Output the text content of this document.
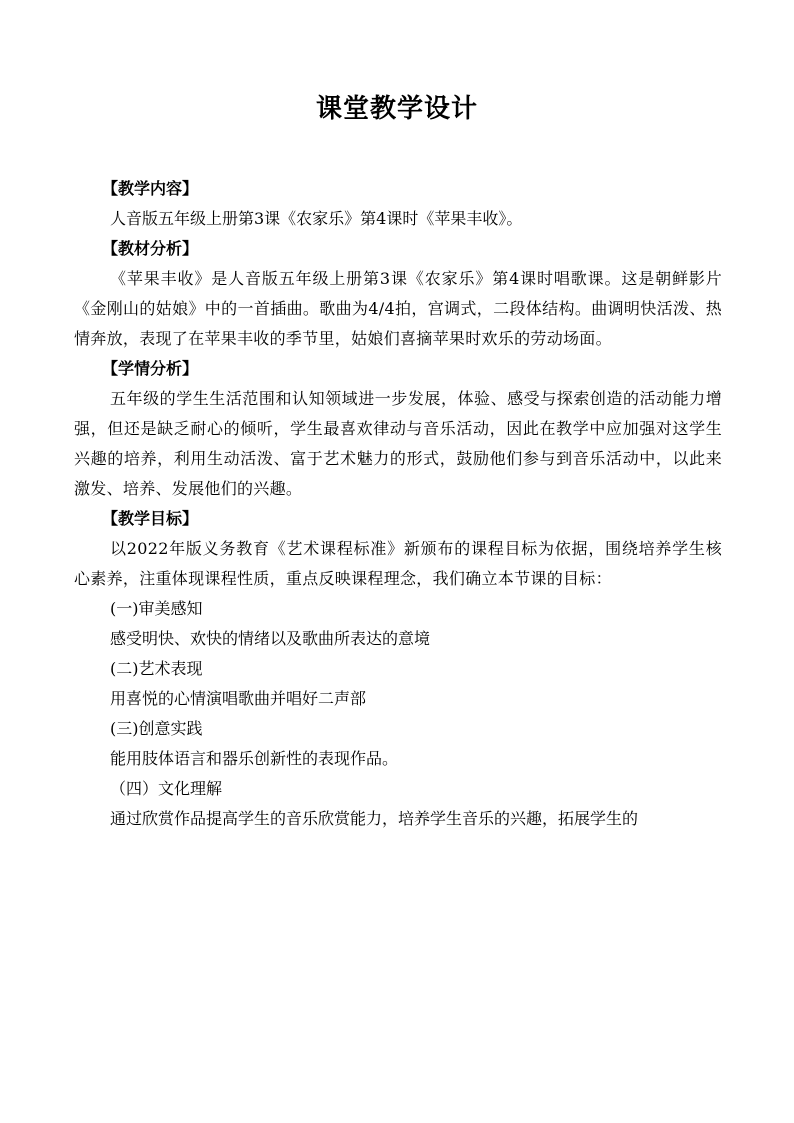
课堂教学设计
【教学内容】
人音版五年级上册第3课《农家乐》第4课时《苹果丰收》。
【教材分析】

《苹果丰收》是人音版五年级上册第3课《农家乐》第4课时唱歌课。这是朝鲜影片《金刚山的姑娘》中的一首插曲。歌曲为4/4拍，宫调式，二段体结构。曲调明快活泼、热情奔放，表现了在苹果丰收的季节里，姑娘们喜摘苹果时欢乐的劳动场面。

【学情分析】

五年级的学生生活范围和认知领域进一步发展，体验、感受与探索创造的活动能力增强，但还是缺乏耐心的倾听，学生最喜欢律动与音乐活动，因此在教学中应加强对这学生兴趣的培养，利用生动活泼、富于艺术魅力的形式，鼓励他们参与到音乐活动中，以此来激发、培养、发展他们的兴趣。

【教学目标】

以2022年版义务教育《艺术课程标准》新颁布的课程目标为依据，围绕培养学生核心素养，注重体现课程性质，重点反映课程理念，我们确立本节课的目标：

(一)审美感知
感受明快、欢快的情绪以及歌曲所表达的意境
(二)艺术表现
用喜悦的心情演唱歌曲并唱好二声部
(三)创意实践
能用肢体语言和器乐创新性的表现作品。
（四）文化理解
通过欣赏作品提高学生的音乐欣赏能力，培养学生音乐的兴趣，拓展学生的
